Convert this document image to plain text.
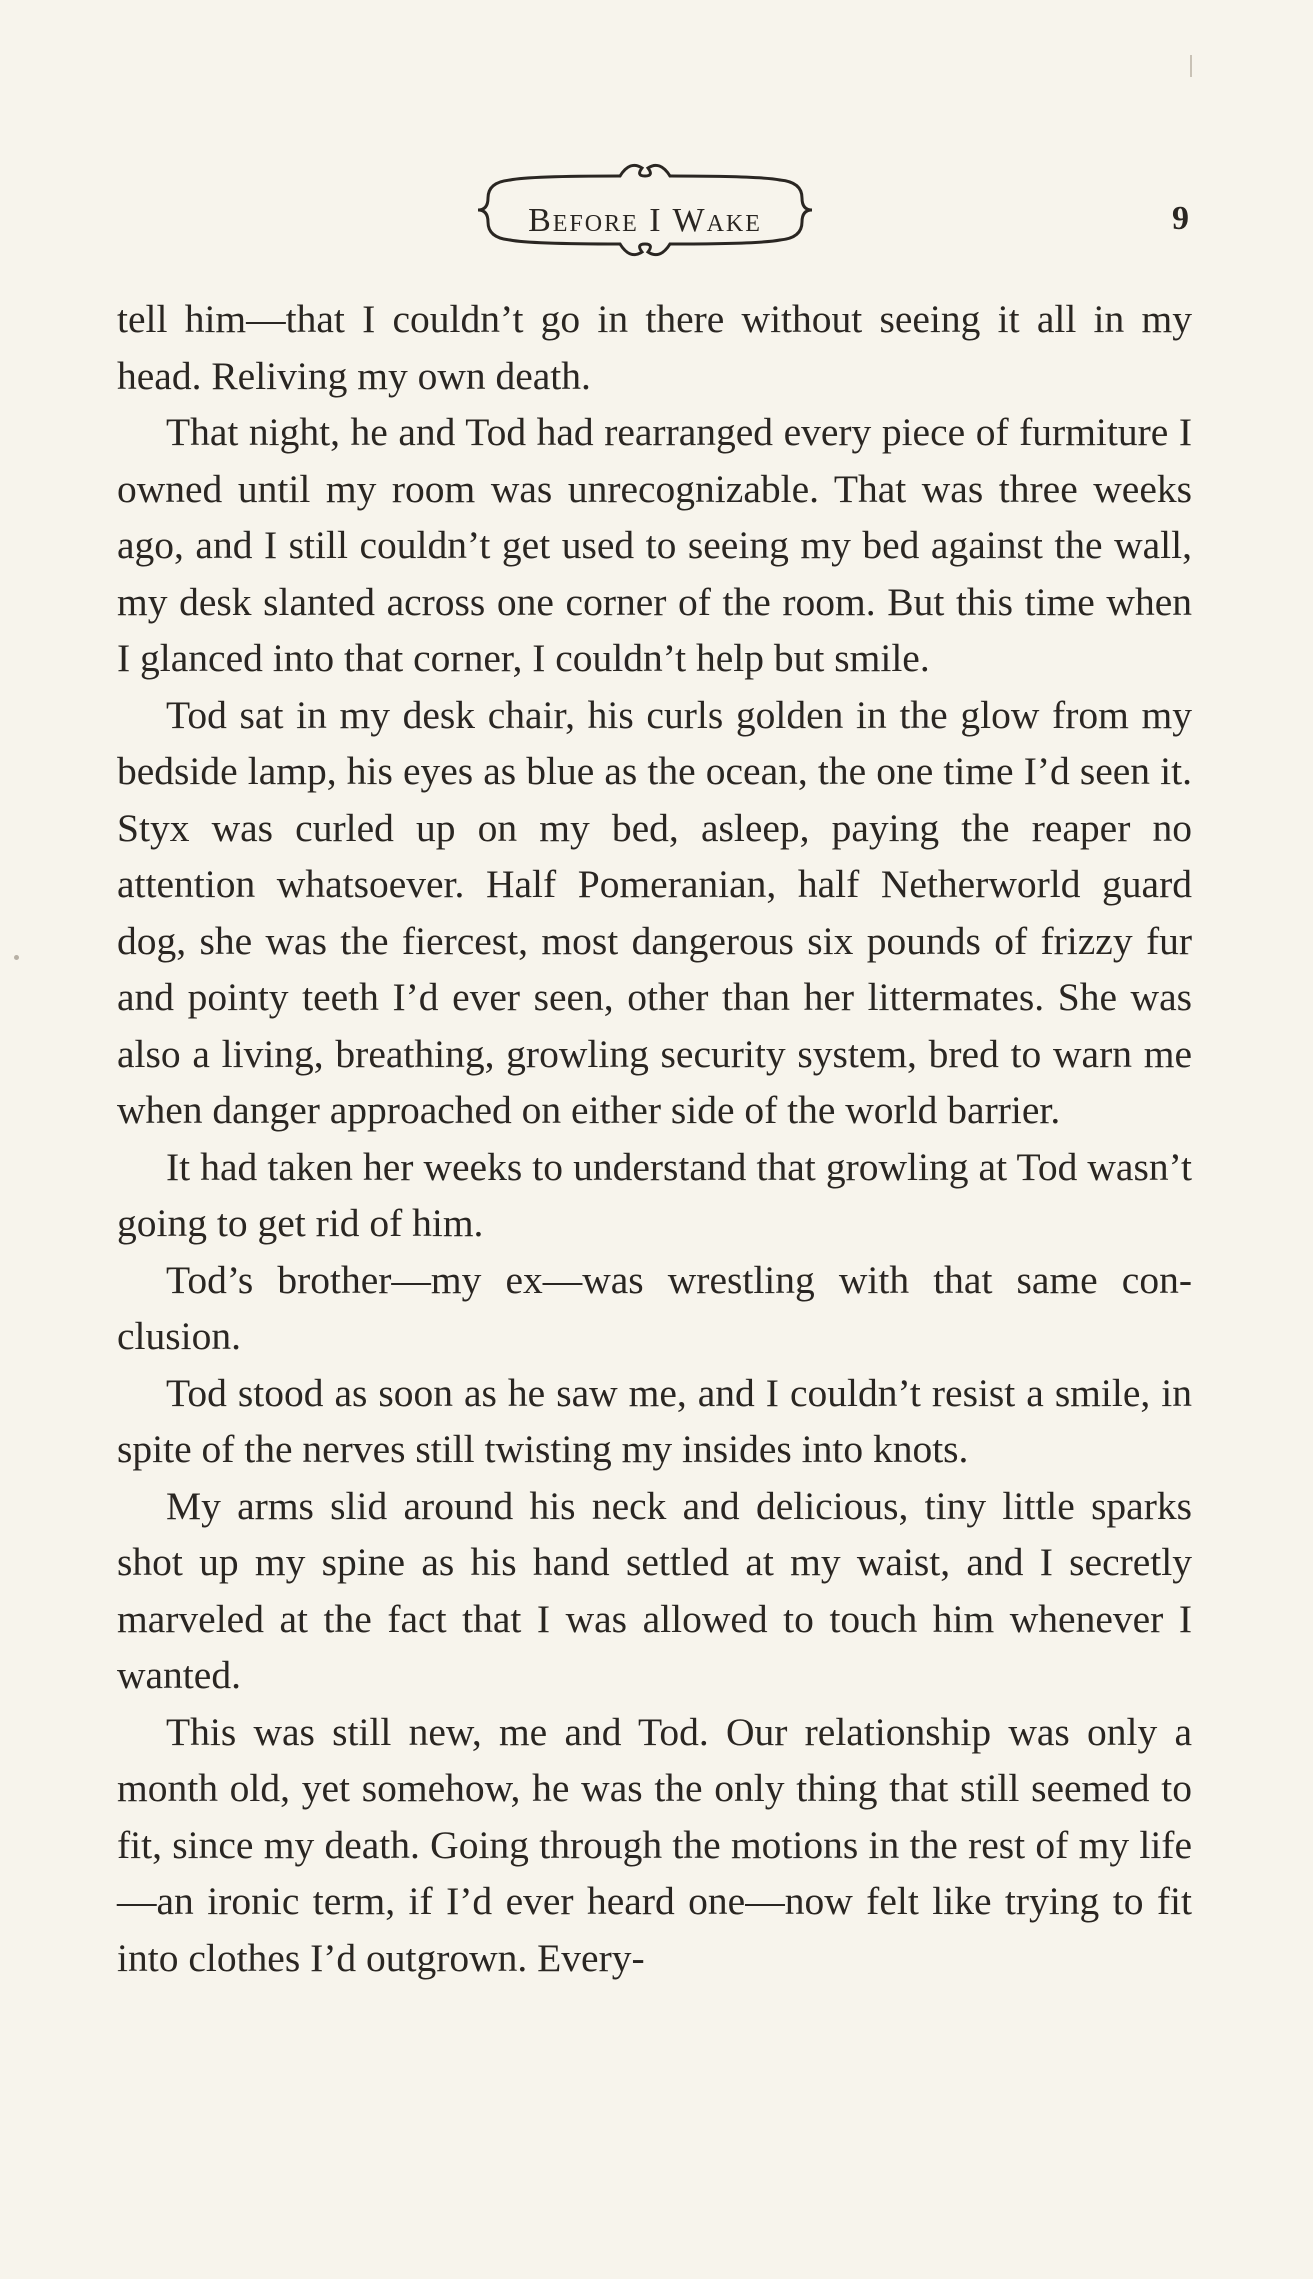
Before I Wake	9

tell him—that I couldn’t go in there without seeing it all in my head. Reliving my own death.

That night, he and Tod had rearranged every piece of furmiture I owned until my room was unrecognizable. That was three weeks ago, and I still couldn’t get used to seeing my bed against the wall, my desk slanted across one corner of the room. But this time when I glanced into that corner, I couldn’t help but smile.

Tod sat in my desk chair, his curls golden in the glow from my bedside lamp, his eyes as blue as the ocean, the one time I’d seen it. Styx was curled up on my bed, asleep, paying the reaper no attention whatsoever. Half Pomeranian, half Netherworld guard dog, she was the fiercest, most dangerous six pounds of frizzy fur and pointy teeth I’d ever seen, other than her littermates. She was also a living, breathing, growling security system, bred to warn me when danger approached on either side of the world barrier.

It had taken her weeks to understand that growling at Tod wasn’t going to get rid of him.

Tod’s brother—my ex—was wrestling with that same conclusion.

Tod stood as soon as he saw me, and I couldn’t resist a smile, in spite of the nerves still twisting my insides into knots.

My arms slid around his neck and delicious, tiny little sparks shot up my spine as his hand settled at my waist, and I secretly marveled at the fact that I was allowed to touch him whenever I wanted.

This was still new, me and Tod. Our relationship was only a month old, yet somehow, he was the only thing that still seemed to fit, since my death. Going through the motions in the rest of my life—an ironic term, if I’d ever heard one—now felt like trying to fit into clothes I’d outgrown. Every-
